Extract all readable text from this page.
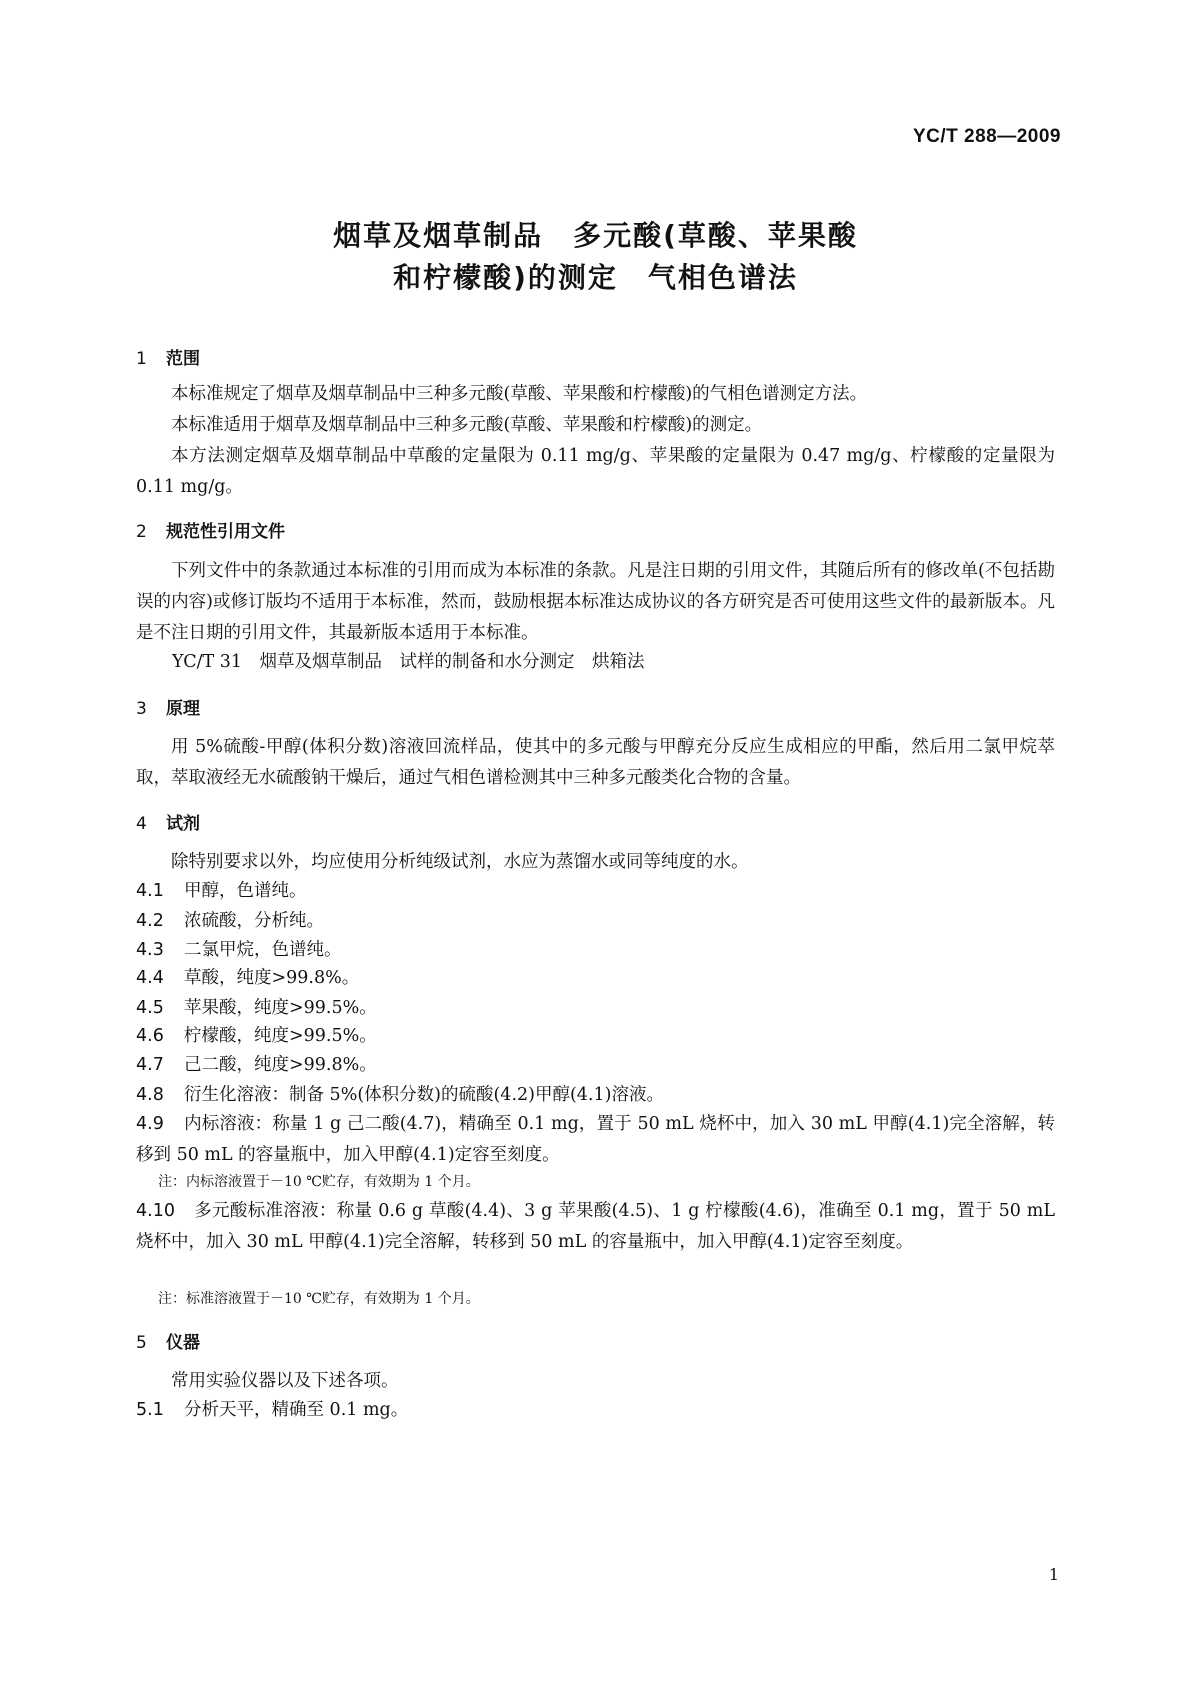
YC/T 288—2009
烟草及烟草制品　多元酸(草酸、苹果酸
和柠檬酸)的测定　气相色谱法
1 范围
本标准规定了烟草及烟草制品中三种多元酸(草酸、苹果酸和柠檬酸)的气相色谱测定方法。
本标准适用于烟草及烟草制品中三种多元酸(草酸、苹果酸和柠檬酸)的测定。
本方法测定烟草及烟草制品中草酸的定量限为 0.11 mg/g、苹果酸的定量限为 0.47 mg/g、柠檬酸的定量限为 0.11 mg/g。
2 规范性引用文件
下列文件中的条款通过本标准的引用而成为本标准的条款。凡是注日期的引用文件，其随后所有的修改单(不包括勘误的内容)或修订版均不适用于本标准，然而，鼓励根据本标准达成协议的各方研究是否可使用这些文件的最新版本。凡是不注日期的引用文件，其最新版本适用于本标准。
YC/T 31　烟草及烟草制品　试样的制备和水分测定　烘箱法
3 原理
用 5%硫酸-甲醇(体积分数)溶液回流样品，使其中的多元酸与甲醇充分反应生成相应的甲酯，然后用二氯甲烷萃取，萃取液经无水硫酸钠干燥后，通过气相色谱检测其中三种多元酸类化合物的含量。
4 试剂
除特别要求以外，均应使用分析纯级试剂，水应为蒸馏水或同等纯度的水。
4.1 甲醇，色谱纯。
4.2 浓硫酸，分析纯。
4.3 二氯甲烷，色谱纯。
4.4 草酸，纯度>99.8%。
4.5 苹果酸，纯度>99.5%。
4.6 柠檬酸，纯度>99.5%。
4.7 己二酸，纯度>99.8%。
4.8 衍生化溶液：制备 5%(体积分数)的硫酸(4.2)甲醇(4.1)溶液。
4.9 内标溶液：称量 1 g 己二酸(4.7)，精确至 0.1 mg，置于 50 mL 烧杯中，加入 30 mL 甲醇(4.1)完全溶解，转移到 50 mL 的容量瓶中，加入甲醇(4.1)定容至刻度。
注：内标溶液置于－10 ℃贮存，有效期为 1 个月。
4.10 多元酸标准溶液：称量 0.6 g 草酸(4.4)、3 g 苹果酸(4.5)、1 g 柠檬酸(4.6)，准确至 0.1 mg，置于 50 mL 烧杯中，加入 30 mL 甲醇(4.1)完全溶解，转移到 50 mL 的容量瓶中，加入甲醇(4.1)定容至刻度。
注：标准溶液置于－10 ℃贮存，有效期为 1 个月。
5 仪器
常用实验仪器以及下述各项。
5.1 分析天平，精确至 0.1 mg。
1
